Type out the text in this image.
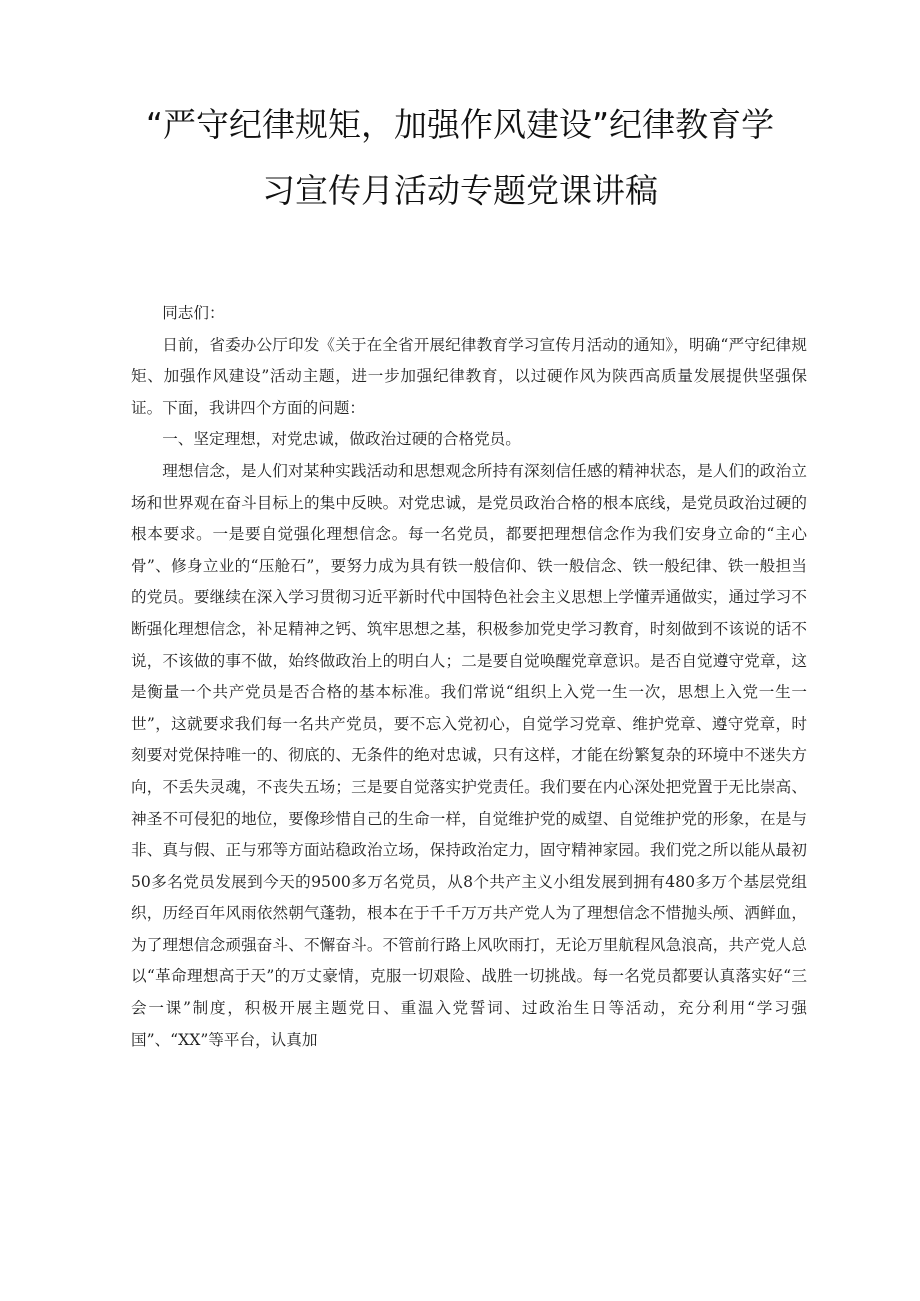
“严守纪律规矩，加强作风建设”纪律教育学
习宣传月活动专题党课讲稿

同志们：

日前，省委办公厅印发《关于在全省开展纪律教育学习宣传月活动的通知》，明确“严守纪律规矩、加强作风建设”活动主题，进一步加强纪律教育，以过硬作风为陕西高质量发展提供坚强保证。下面，我讲四个方面的问题：

一、坚定理想，对党忠诚，做政治过硬的合格党员。

理想信念，是人们对某种实践活动和思想观念所持有深刻信任感的精神状态，是人们的政治立场和世界观在奋斗目标上的集中反映。对党忠诚，是党员政治合格的根本底线，是党员政治过硬的根本要求。一是要自觉强化理想信念。每一名党员，都要把理想信念作为我们安身立命的“主心骨”、修身立业的“压舱石”，要努力成为具有铁一般信仰、铁一般信念、铁一般纪律、铁一般担当的党员。要继续在深入学习贯彻习近平新时代中国特色社会主义思想上学懂弄通做实，通过学习不断强化理想信念，补足精神之钙、筑牢思想之基，积极参加党史学习教育，时刻做到不该说的话不说，不该做的事不做，始终做政治上的明白人；二是要自觉唤醒党章意识。是否自觉遵守党章，这是衡量一个共产党员是否合格的基本标准。我们常说“组织上入党一生一次，思想上入党一生一世”，这就要求我们每一名共产党员，要不忘入党初心，自觉学习党章、维护党章、遵守党章，时刻要对党保持唯一的、彻底的、无条件的绝对忠诚，只有这样，才能在纷繁复杂的环境中不迷失方向，不丢失灵魂，不丧失五场；三是要自觉落实护党责任。我们要在内心深处把党置于无比崇高、神圣不可侵犯的地位，要像珍惜自己的生命一样，自觉维护党的威望、自觉维护党的形象，在是与非、真与假、正与邪等方面站稳政治立场，保持政治定力，固守精神家园。我们党之所以能从最初50多名党员发展到今天的9500多万名党员，从8个共产主义小组发展到拥有480多万个基层党组织，历经百年风雨依然朝气蓬勃，根本在于千千万万共产党人为了理想信念不惜抛头颅、洒鲜血，为了理想信念顽强奋斗、不懈奋斗。不管前行路上风吹雨打，无论万里航程风急浪高，共产党人总以“革命理想高于天”的万丈豪情，克服一切艰险、战胜一切挑战。每一名党员都要认真落实好“三会一课”制度，积极开展主题党日、重温入党誓词、过政治生日等活动，充分利用“学习强国”、“XX”等平台，认真加
